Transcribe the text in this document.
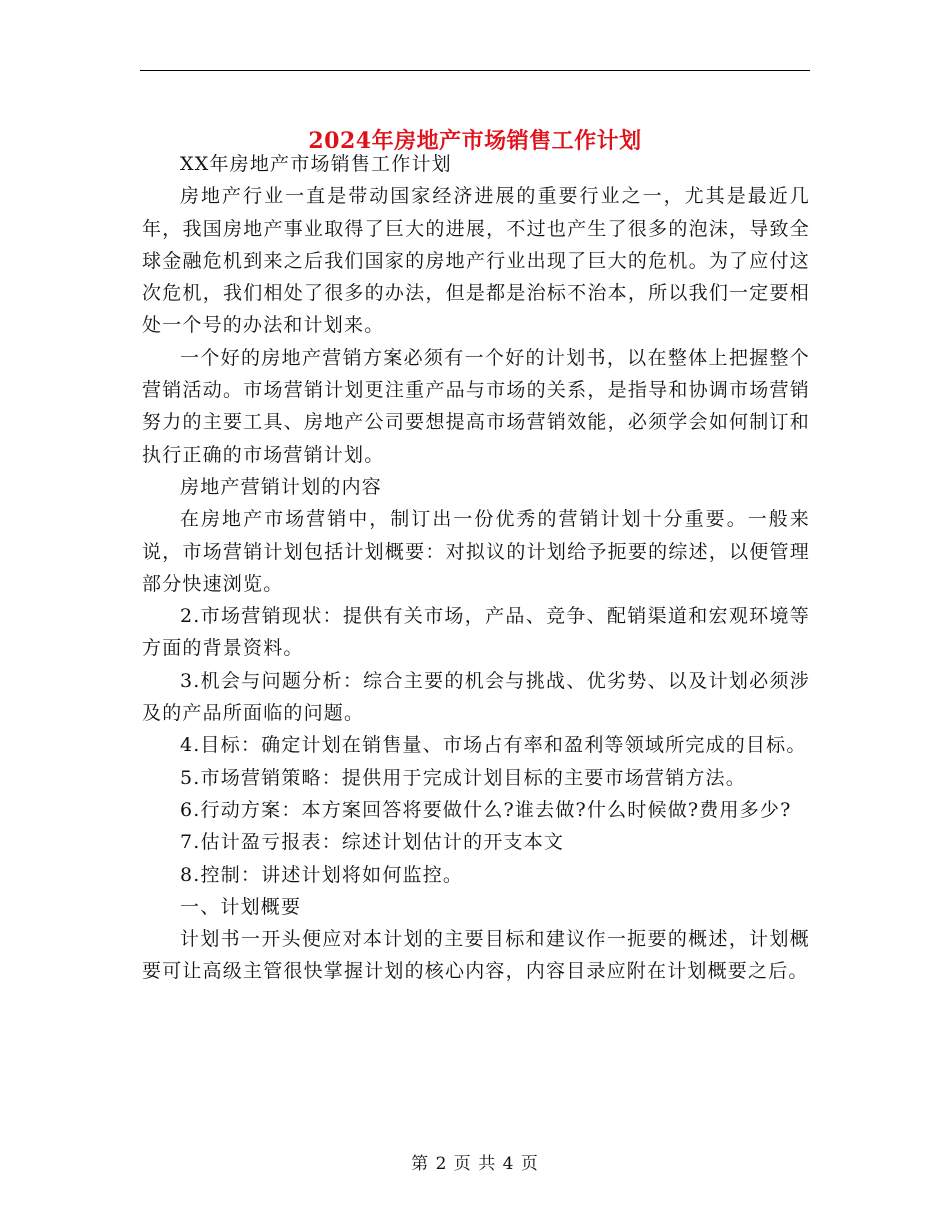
2024年房地产市场销售工作计划

XX年房地产市场销售工作计划

房地产行业一直是带动国家经济进展的重要行业之一，尤其是最近几年，我国房地产事业取得了巨大的进展，不过也产生了很多的泡沫，导致全球金融危机到来之后我们国家的房地产行业出现了巨大的危机。为了应付这次危机，我们相处了很多的办法，但是都是治标不治本，所以我们一定要相处一个号的办法和计划来。

一个好的房地产营销方案必须有一个好的计划书，以在整体上把握整个营销活动。市场营销计划更注重产品与市场的关系，是指导和协调市场营销努力的主要工具、房地产公司要想提高市场营销效能，必须学会如何制订和执行正确的市场营销计划。

房地产营销计划的内容

在房地产市场营销中，制订出一份优秀的营销计划十分重要。一般来说，市场营销计划包括计划概要：对拟议的计划给予扼要的综述，以便管理部分快速浏览。

2.市场营销现状：提供有关市场，产品、竞争、配销渠道和宏观环境等方面的背景资料。

3.机会与问题分析：综合主要的机会与挑战、优劣势、以及计划必须涉及的产品所面临的问题。

4.目标：确定计划在销售量、市场占有率和盈利等领域所完成的目标。

5.市场营销策略：提供用于完成计划目标的主要市场营销方法。

6.行动方案：本方案回答将要做什么?谁去做?什么时候做?费用多少?

7.估计盈亏报表：综述计划估计的开支本文

8.控制：讲述计划将如何监控。

一、计划概要

计划书一开头便应对本计划的主要目标和建议作一扼要的概述，计划概要可让高级主管很快掌握计划的核心内容，内容目录应附在计划概要之后。

第 2 页 共 4 页
